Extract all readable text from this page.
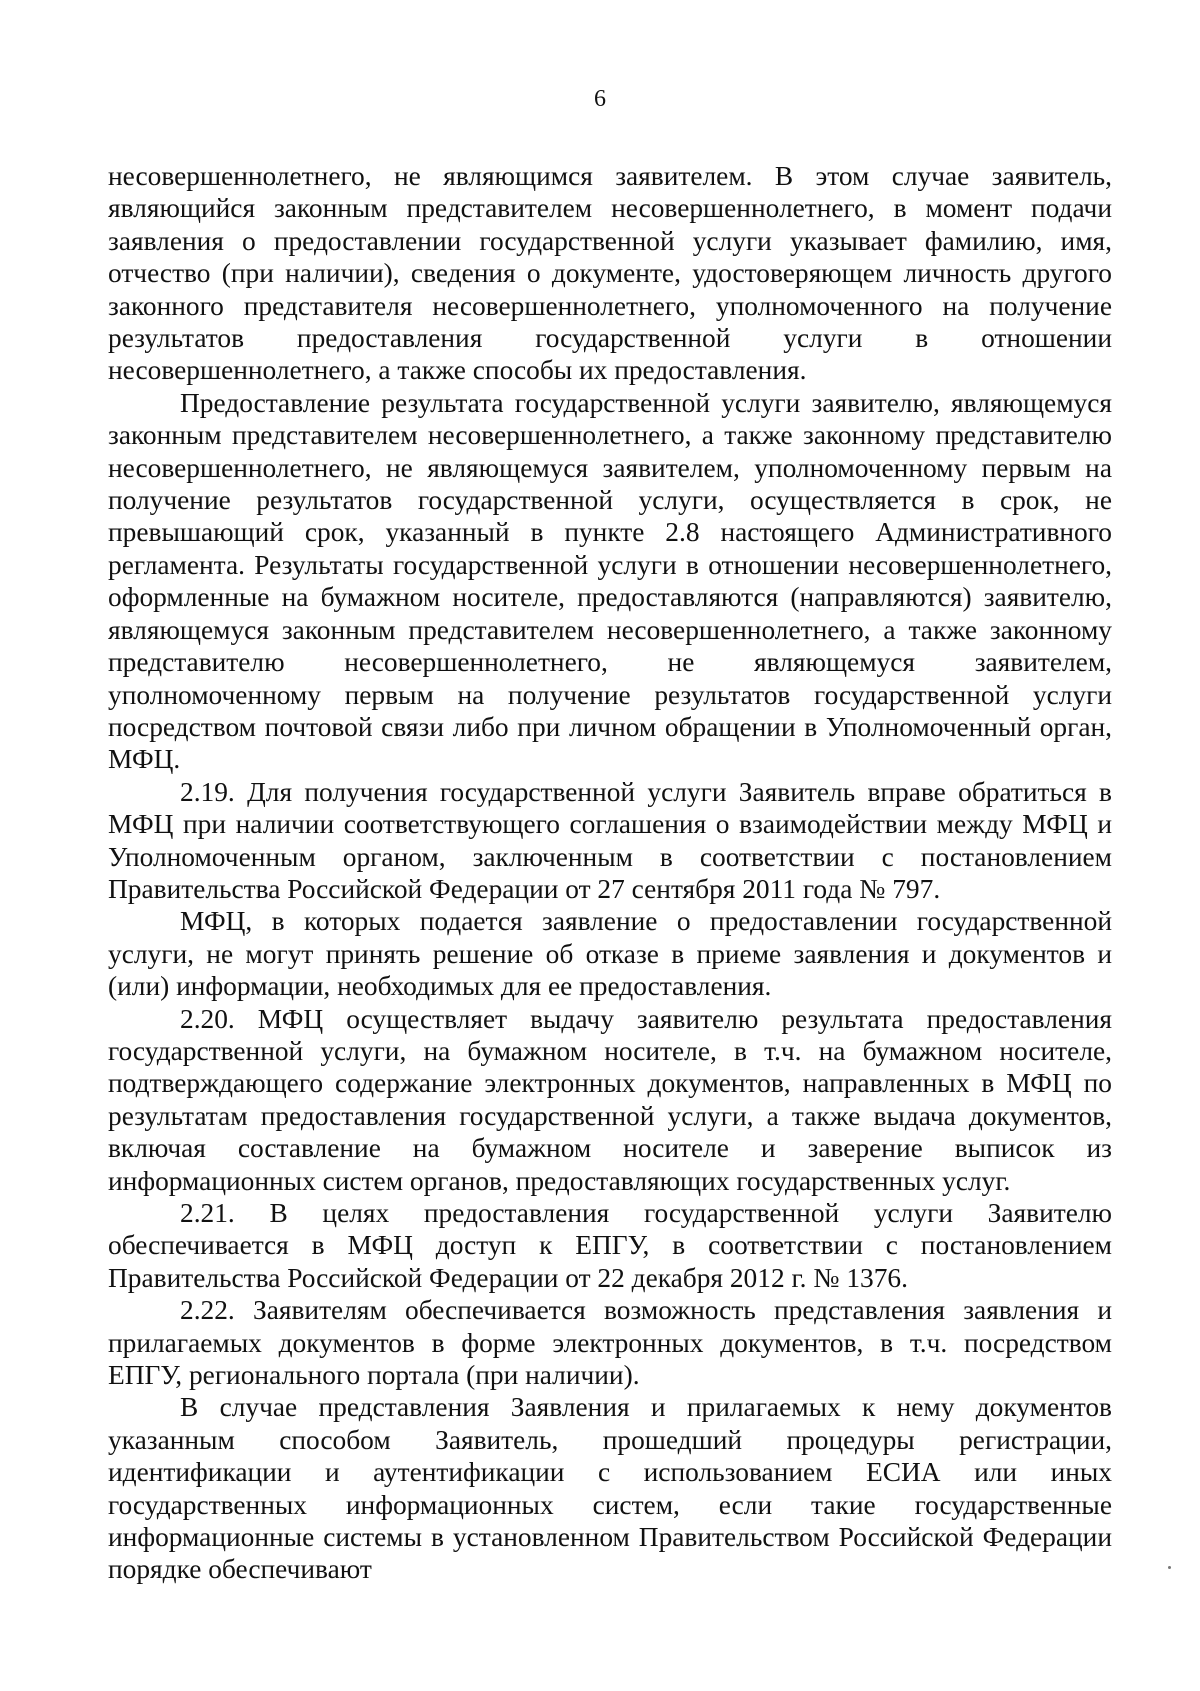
6

несовершеннолетнего, не являющимся заявителем. В этом случае заявитель, являющийся законным представителем несовершеннолетнего, в момент подачи заявления о предоставлении государственной услуги указывает фамилию, имя, отчество (при наличии), сведения о документе, удостоверяющем личность другого законного представителя несовершеннолетнего, уполномоченного на получение результатов предоставления государственной услуги в отношении несовершеннолетнего, а также способы их предоставления.

Предоставление результата государственной услуги заявителю, являющемуся законным представителем несовершеннолетнего, а также законному представителю несовершеннолетнего, не являющемуся заявителем, уполномоченному первым на получение результатов государственной услуги, осуществляется в срок, не превышающий срок, указанный в пункте 2.8 настоящего Административного регламента. Результаты государственной услуги в отношении несовершеннолетнего, оформленные на бумажном носителе, предоставляются (направляются) заявителю, являющемуся законным представителем несовершеннолетнего, а также законному представителю несовершеннолетнего, не являющемуся заявителем, уполномоченному первым на получение результатов государственной услуги посредством почтовой связи либо при личном обращении в Уполномоченный орган, МФЦ.

2.19. Для получения государственной услуги Заявитель вправе обратиться в МФЦ при наличии соответствующего соглашения о взаимодействии между МФЦ и Уполномоченным органом, заключенным в соответствии с постановлением Правительства Российской Федерации от 27 сентября 2011 года № 797.

МФЦ, в которых подается заявление о предоставлении государственной услуги, не могут принять решение об отказе в приеме заявления и документов и (или) информации, необходимых для ее предоставления.

2.20. МФЦ осуществляет выдачу заявителю результата предоставления государственной услуги, на бумажном носителе, в т.ч. на бумажном носителе, подтверждающего содержание электронных документов, направленных в МФЦ по результатам предоставления государственной услуги, а также выдача документов, включая составление на бумажном носителе и заверение выписок из информационных систем органов, предоставляющих государственных услуг.

2.21. В целях предоставления государственной услуги Заявителю обеспечивается в МФЦ доступ к ЕПГУ, в соответствии с постановлением Правительства Российской Федерации от 22 декабря 2012 г. № 1376.

2.22. Заявителям обеспечивается возможность представления заявления и прилагаемых документов в форме электронных документов, в т.ч. посредством ЕПГУ, регионального портала (при наличии).

В случае представления Заявления и прилагаемых к нему документов указанным способом Заявитель, прошедший процедуры регистрации, идентификации и аутентификации с использованием ЕСИА или иных государственных информационных систем, если такие государственные информационные системы в установленном Правительством Российской Федерации порядке обеспечивают
